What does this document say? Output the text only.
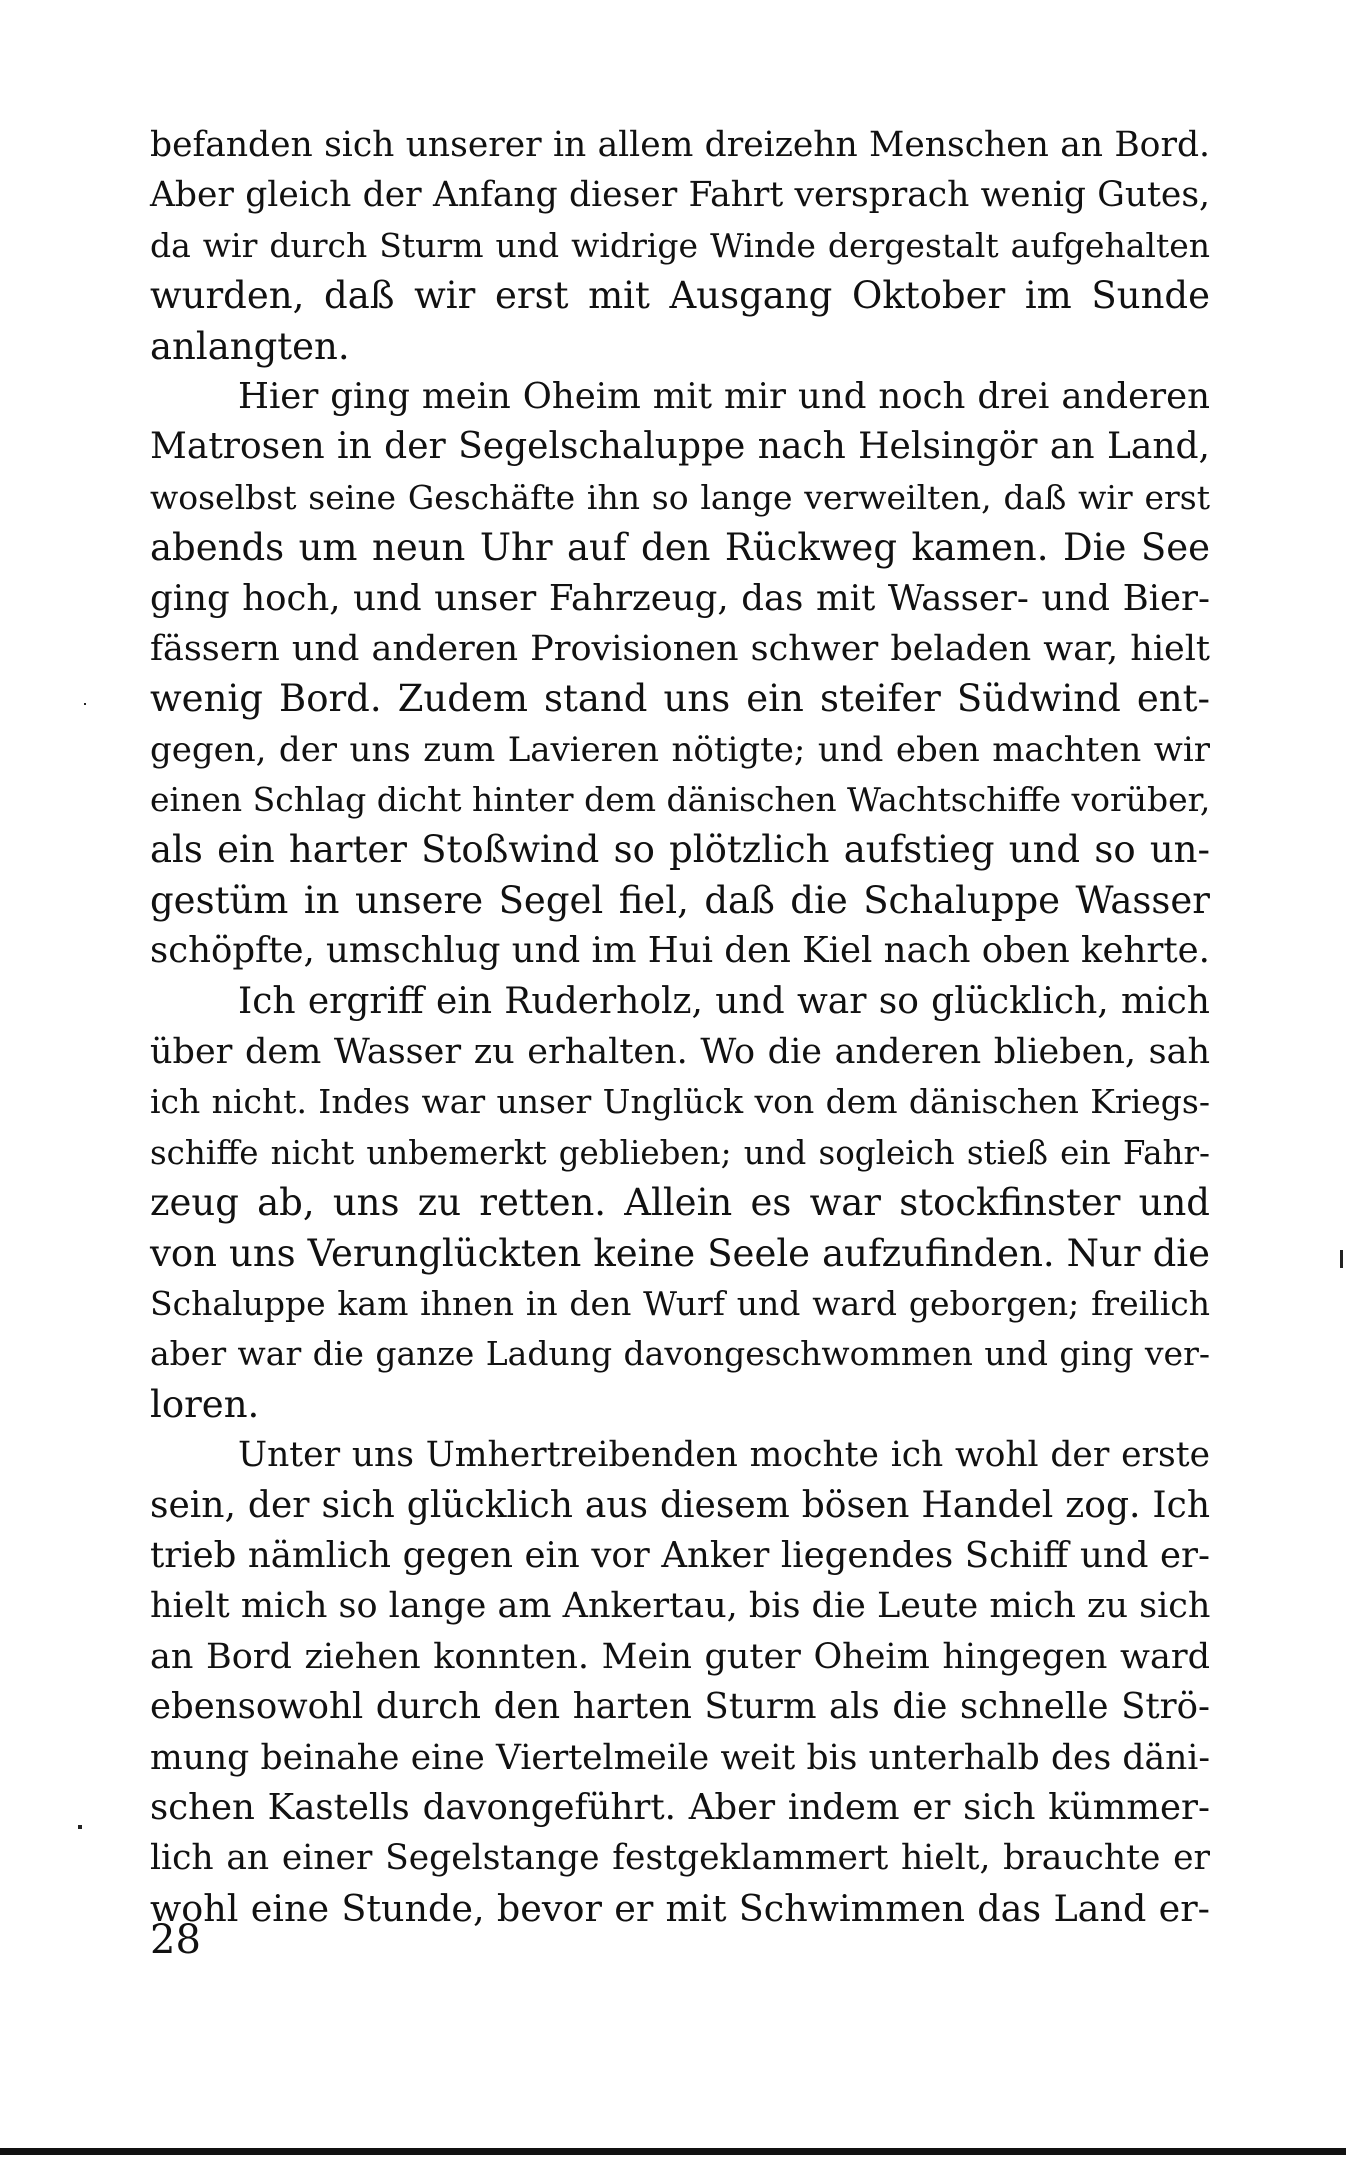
befanden sich unserer in allem dreizehn Menschen an Bord.
Aber gleich der Anfang dieser Fahrt versprach wenig Gutes,
da wir durch Sturm und widrige Winde dergestalt aufgehalten
wurden, daß wir erst mit Ausgang Oktober im Sunde
anlangten.
Hier ging mein Oheim mit mir und noch drei anderen
Matrosen in der Segelschaluppe nach Helsingör an Land,
woselbst seine Geschäfte ihn so lange verweilten, daß wir erst
abends um neun Uhr auf den Rückweg kamen. Die See
ging hoch, und unser Fahrzeug, das mit Wasser- und Bier-
fässern und anderen Provisionen schwer beladen war, hielt
wenig Bord. Zudem stand uns ein steifer Südwind ent-
gegen, der uns zum Lavieren nötigte; und eben machten wir
einen Schlag dicht hinter dem dänischen Wachtschiffe vorüber,
als ein harter Stoßwind so plötzlich aufstieg und so un-
gestüm in unsere Segel fiel, daß die Schaluppe Wasser
schöpfte, umschlug und im Hui den Kiel nach oben kehrte.
Ich ergriff ein Ruderholz, und war so glücklich, mich
über dem Wasser zu erhalten. Wo die anderen blieben, sah
ich nicht. Indes war unser Unglück von dem dänischen Kriegs-
schiffe nicht unbemerkt geblieben; und sogleich stieß ein Fahr-
zeug ab, uns zu retten. Allein es war stockfinster und
von uns Verunglückten keine Seele aufzufinden. Nur die
Schaluppe kam ihnen in den Wurf und ward geborgen; freilich
aber war die ganze Ladung davongeschwommen und ging ver-
loren.
Unter uns Umhertreibenden mochte ich wohl der erste
sein, der sich glücklich aus diesem bösen Handel zog. Ich
trieb nämlich gegen ein vor Anker liegendes Schiff und er-
hielt mich so lange am Ankertau, bis die Leute mich zu sich
an Bord ziehen konnten. Mein guter Oheim hingegen ward
ebensowohl durch den harten Sturm als die schnelle Strö-
mung beinahe eine Viertelmeile weit bis unterhalb des däni-
schen Kastells davongeführt. Aber indem er sich kümmer-
lich an einer Segelstange festgeklammert hielt, brauchte er
wohl eine Stunde, bevor er mit Schwimmen das Land er-
28
